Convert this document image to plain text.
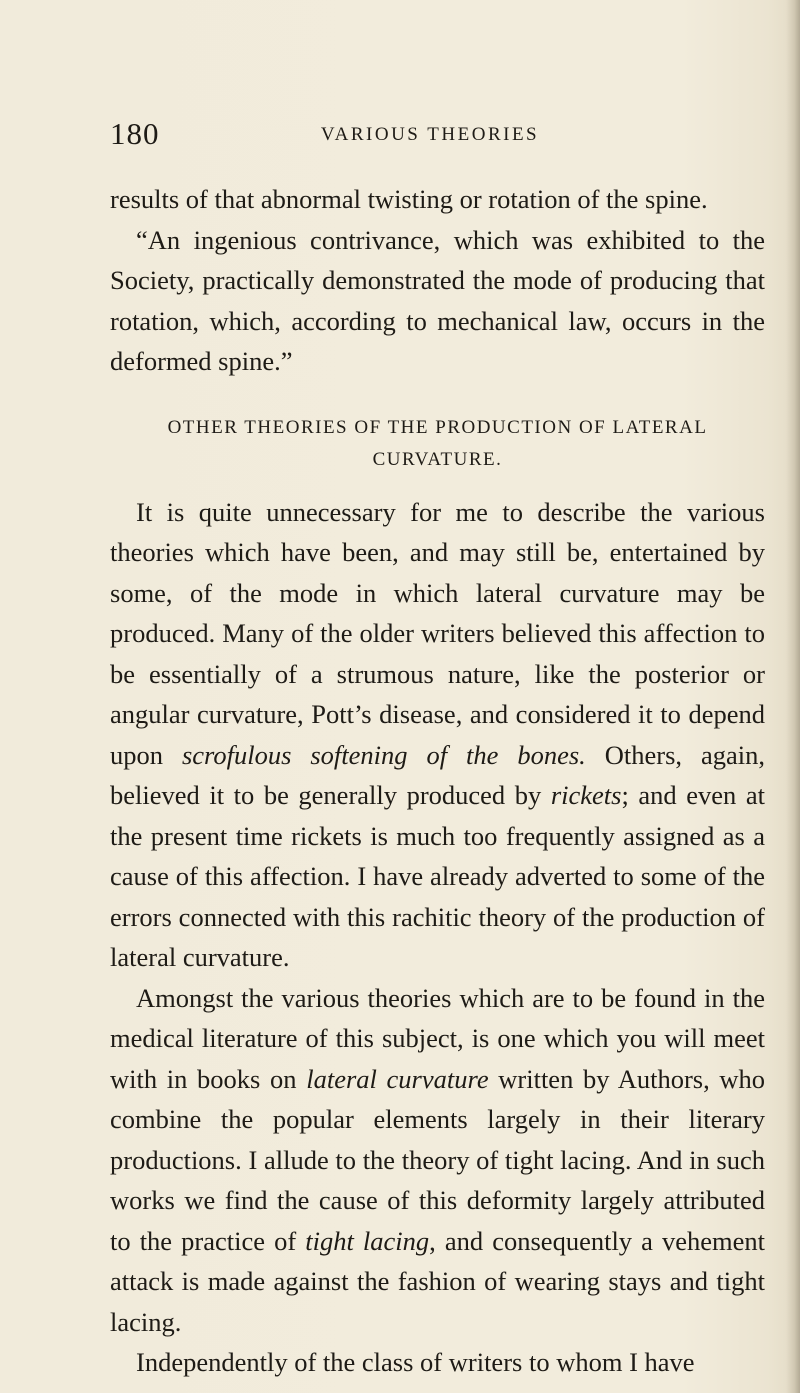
180	VARIOUS THEORIES

results of that abnormal twisting or rotation of the spine.

“An ingenious contrivance, which was exhibited to the Society, practically demonstrated the mode of producing that rotation, which, according to mechanical law, occurs in the deformed spine.”

OTHER THEORIES OF THE PRODUCTION OF LATERAL
CURVATURE.

It is quite unnecessary for me to describe the various theories which have been, and may still be, entertained by some, of the mode in which lateral curvature may be produced. Many of the older writers believed this affection to be essentially of a strumous nature, like the posterior or angular curvature, Pott’s disease, and considered it to depend upon scrofulous softening of the bones. Others, again, believed it to be generally produced by rickets; and even at the present time rickets is much too frequently assigned as a cause of this affection. I have already adverted to some of the errors connected with this rachitic theory of the production of lateral curvature.

Amongst the various theories which are to be found in the medical literature of this subject, is one which you will meet with in books on lateral curvature written by Authors, who combine the popular elements largely in their literary productions. I allude to the theory of tight lacing. And in such works we find the cause of this deformity largely attributed to the practice of tight lacing, and consequently a vehement attack is made against the fashion of wearing stays and tight lacing.

Independently of the class of writers to whom I have
